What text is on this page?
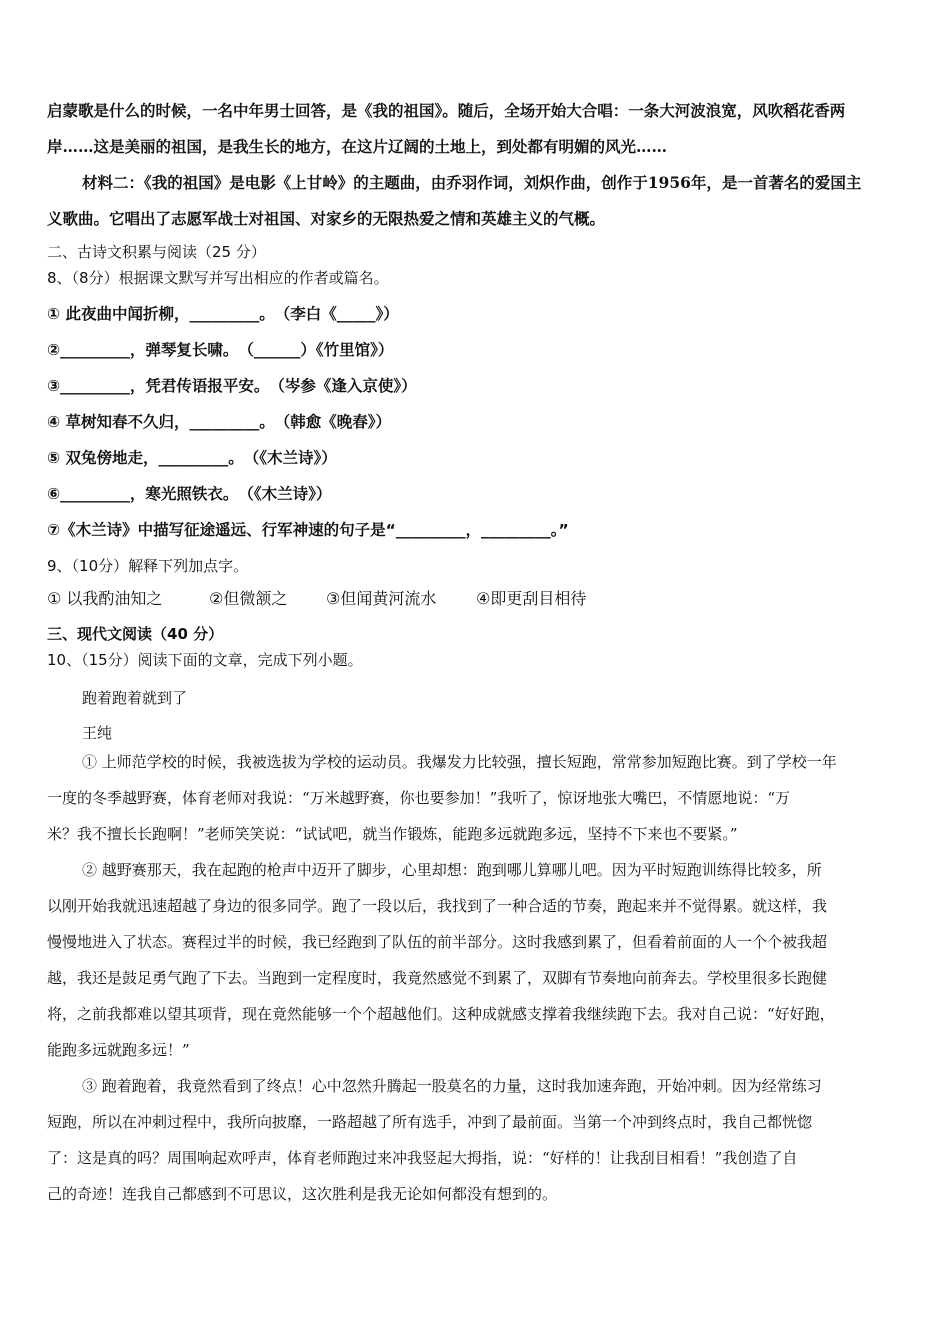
启蒙歌是什么的时候，一名中年男士回答，是《我的祖国》。随后，全场开始大合唱：一条大河波浪宽，风吹稻花香两
岸……这是美丽的祖国，是我生长的地方，在这片辽阔的土地上，到处都有明媚的风光……
材料二：《我的祖国》是电影《上甘岭》的主题曲，由乔羽作词，刘炽作曲，创作于1956年，是一首著名的爱国主
义歌曲。它唱出了志愿军战士对祖国、对家乡的无限热爱之情和英雄主义的气概。
二、古诗文积累与阅读（25 分）
8、（8分）根据课文默写并写出相应的作者或篇名。
① 此夜曲中闻折柳，_________。　（李白《_____》）
②_________，弹琴复长啸。　（______）《竹里馆》）
③_________，凭君传语报平安。　（岑参《逢入京使》）
④ 草树知春不久归，_________。　（韩愈《晚春》）
⑤ 双兔傍地走，_________。　（《木兰诗》）
⑥_________，寒光照铁衣。　（《木兰诗》）
⑦《木兰诗》中描写征途遥远、行军神速的句子是“_________，_________。”
9、（10分）解释下列加点字。
① 以我酌油知之	②但微颔之 ③但闻黄河流水 ④即更刮目相待
三、现代文阅读（40 分）
10、（15分）阅读下面的文章，完成下列小题。
跑着跑着就到了
王纯
① 上师范学校的时候，我被选拔为学校的运动员。我爆发力比较强，擅长短跑，常常参加短跑比赛。到了学校一年
一度的冬季越野赛，体育老师对我说：“万米越野赛，你也要参加！”我听了，惊讶地张大嘴巴，不情愿地说：“万
米？我不擅长长跑啊！”老师笑笑说：“试试吧，就当作锻炼，能跑多远就跑多远，坚持不下来也不要紧。”
② 越野赛那天，我在起跑的枪声中迈开了脚步，心里却想：跑到哪儿算哪儿吧。因为平时短跑训练得比较多，所
以刚开始我就迅速超越了身边的很多同学。跑了一段以后，我找到了一种合适的节奏，跑起来并不觉得累。就这样，我
慢慢地进入了状态。赛程过半的时候，我已经跑到了队伍的前半部分。这时我感到累了，但看着前面的人一个个被我超
越，我还是鼓足勇气跑了下去。当跑到一定程度时，我竟然感觉不到累了，双脚有节奏地向前奔去。学校里很多长跑健
将，之前我都难以望其项背，现在竟然能够一个个超越他们。这种成就感支撑着我继续跑下去。我对自己说：“好好跑，
能跑多远就跑多远！”
③ 跑着跑着，我竟然看到了终点！心中忽然升腾起一股莫名的力量，这时我加速奔跑，开始冲刺。因为经常练习
短跑，所以在冲刺过程中，我所向披靡，一路超越了所有选手，冲到了最前面。当第一个冲到终点时，我自己都恍惚
了：这是真的吗？周围响起欢呼声，体育老师跑过来冲我竖起大拇指，说：“好样的！让我刮目相看！”我创造了自
己的奇迹！连我自己都感到不可思议，这次胜利是我无论如何都没有想到的。
